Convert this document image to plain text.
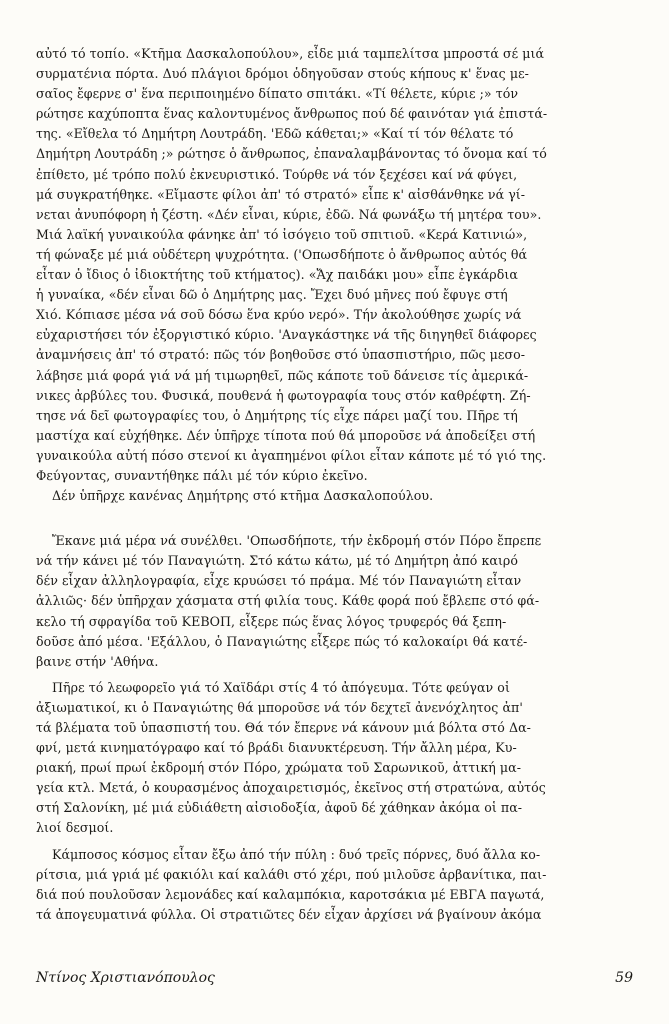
αὐτό τό τοπίο. «Κτῆμα Δασκαλοπούλου», εἶδε μιά ταμπελίτσα μπροστά σέ μιά
συρματένια πόρτα. Δυό πλάγιοι δρόμοι ὁδηγοῦσαν στούς κήπους κ' ἕνας με-
σαῖος ἔφερνε σ' ἕνα περιποιημένο δίπατο σπιτάκι. «Τί θέλετε, κύριε ;» τόν
ρώτησε καχύποπτα ἕνας καλοντυμένος ἄνθρωπος πού δέ φαινόταν γιά ἐπιστά-
της. «Εἴθελα τό Δημήτρη Λουτράδη. 'Εδῶ κάθεται;» «Καί τί τόν θέλατε τό
Δημήτρη Λουτράδη ;» ρώτησε ὁ ἄνθρωπος, ἐπαναλαμβάνοντας τό ὄνομα καί τό
ἐπίθετο, μέ τρόπο πολύ ἐκνευριστικό. Τούρθε νά τόν ξεχέσει καί νά φύγει,
μά συγκρατήθηκε. «Εἴμαστε φίλοι ἀπ' τό στρατό» εἶπε κ' αἰσθάνθηκε νά γί-
νεται ἀνυπόφορη ἡ ζέστη. «Δέν εἶναι, κύριε, ἐδῶ. Νά φωνάξω τή μητέρα του».
Μιά λαϊκή γυναικούλα φάνηκε ἀπ' τό ἰσόγειο τοῦ σπιτιοῦ. «Κερά Κατινιώ»,
τή φώναξε μέ μιά οὐδέτερη ψυχρότητα. ('Οπωσδήποτε ὁ ἄνθρωπος αὐτός θά
εἶταν ὁ ἴδιος ὁ ἰδιοκτήτης τοῦ κτήματος). «Ἄχ παιδάκι μου» εἶπε ἐγκάρδια
ἡ γυναίκα, «δέν εἶναι δῶ ὁ Δημήτρης μας. Ἔχει δυό μῆνες πού ἔφυγε στή
Χιό. Κόπιασε μέσα νά σοῦ δόσω ἕνα κρύο νερό». Τήν ἀκολούθησε χωρίς νά
εὐχαριστήσει τόν ἐξοργιστικό κύριο. 'Αναγκάστηκε νά τῆς διηγηθεῖ διάφορες
ἀναμνήσεις ἀπ' τό στρατό: πῶς τόν βοηθοῦσε στό ὑπασπιστήριο, πῶς μεσο-
λάβησε μιά φορά γιά νά μή τιμωρηθεῖ, πῶς κάποτε τοῦ δάνεισε τίς ἀμερικά-
νικες ἀρβύλες του. Φυσικά, πουθενά ἡ φωτογραφία τους στόν καθρέφτη. Ζή-
τησε νά δεῖ φωτογραφίες του, ὁ Δημήτρης τίς εἶχε πάρει μαζί του. Πῆρε τή
μαστίχα καί εὐχήθηκε. Δέν ὑπῆρχε τίποτα πού θά μποροῦσε νά ἀποδείξει στή
γυναικούλα αὐτή πόσο στενοί κι ἀγαπημένοι φίλοι εἶταν κάποτε μέ τό γιό της.
Φεύγοντας, συναντήθηκε πάλι μέ τόν κύριο ἐκεῖνο.

Δέν ὑπῆρχε κανένας Δημήτρης στό κτῆμα Δασκαλοπούλου.

Ἔκανε μιά μέρα νά συνέλθει. 'Οπωσδήποτε, τήν ἐκδρομή στόν Πόρο ἔπρεπε
νά τήν κάνει μέ τόν Παναγιώτη. Στό κάτω κάτω, μέ τό Δημήτρη ἀπό καιρό
δέν εἶχαν ἀλληλογραφία, εἶχε κρυώσει τό πράμα. Μέ τόν Παναγιώτη εἶταν
ἀλλιῶς· δέν ὑπῆρχαν χάσματα στή φιλία τους. Κάθε φορά πού ἔβλεπε στό φά-
κελο τή σφραγίδα τοῦ ΚΕΒΟΠ, εἶξερε πώς ἕνας λόγος τρυφερός θά ξεπη-
δοῦσε ἀπό μέσα. 'Εξάλλου, ὁ Παναγιώτης εἶξερε πώς τό καλοκαίρι θά κατέ-
βαινε στήν 'Αθήνα.

Πῆρε τό λεωφορεῖο γιά τό Χαϊδάρι στίς 4 τό ἀπόγευμα. Τότε φεύγαν οἱ
ἀξιωματικοί, κι ὁ Παναγιώτης θά μποροῦσε νά τόν δεχτεῖ ἀνενόχλητος ἀπ'
τά βλέματα τοῦ ὑπασπιστή του. Θά τόν ἔπερνε νά κάνουν μιά βόλτα στό Δα-
φνί, μετά κινηματόγραφο καί τό βράδι διανυκτέρευση. Τήν ἄλλη μέρα, Κυ-
ριακή, πρωί πρωί ἐκδρομή στόν Πόρο, χρώματα τοῦ Σαρωνικοῦ, ἀττική μα-
γεία κτλ. Μετά, ὁ κουρασμένος ἀποχαιρετισμός, ἐκεῖνος στή στρατώνα, αὐτός
στή Σαλονίκη, μέ μιά εὐδιάθετη αἰσιοδοξία, ἀφοῦ δέ χάθηκαν ἀκόμα οἱ πα-
λιοί δεσμοί.

Κάμποσος κόσμος εἶταν ἔξω ἀπό τήν πύλη : δυό τρεῖς πόρνες, δυό ἄλλα κο-
ρίτσια, μιά γριά μέ φακιόλι καί καλάθι στό χέρι, πού μιλοῦσε ἀρβανίτικα, παι-
διά πού πουλοῦσαν λεμονάδες καί καλαμπόκια, καροτσάκια μέ ΕΒΓΑ παγωτά,
τά ἀπογευματινά φύλλα. Οἱ στρατιῶτες δέν εἶχαν ἀρχίσει νά βγαίνουν ἀκόμα

Ντίνος Χριστιανόπουλος	59
